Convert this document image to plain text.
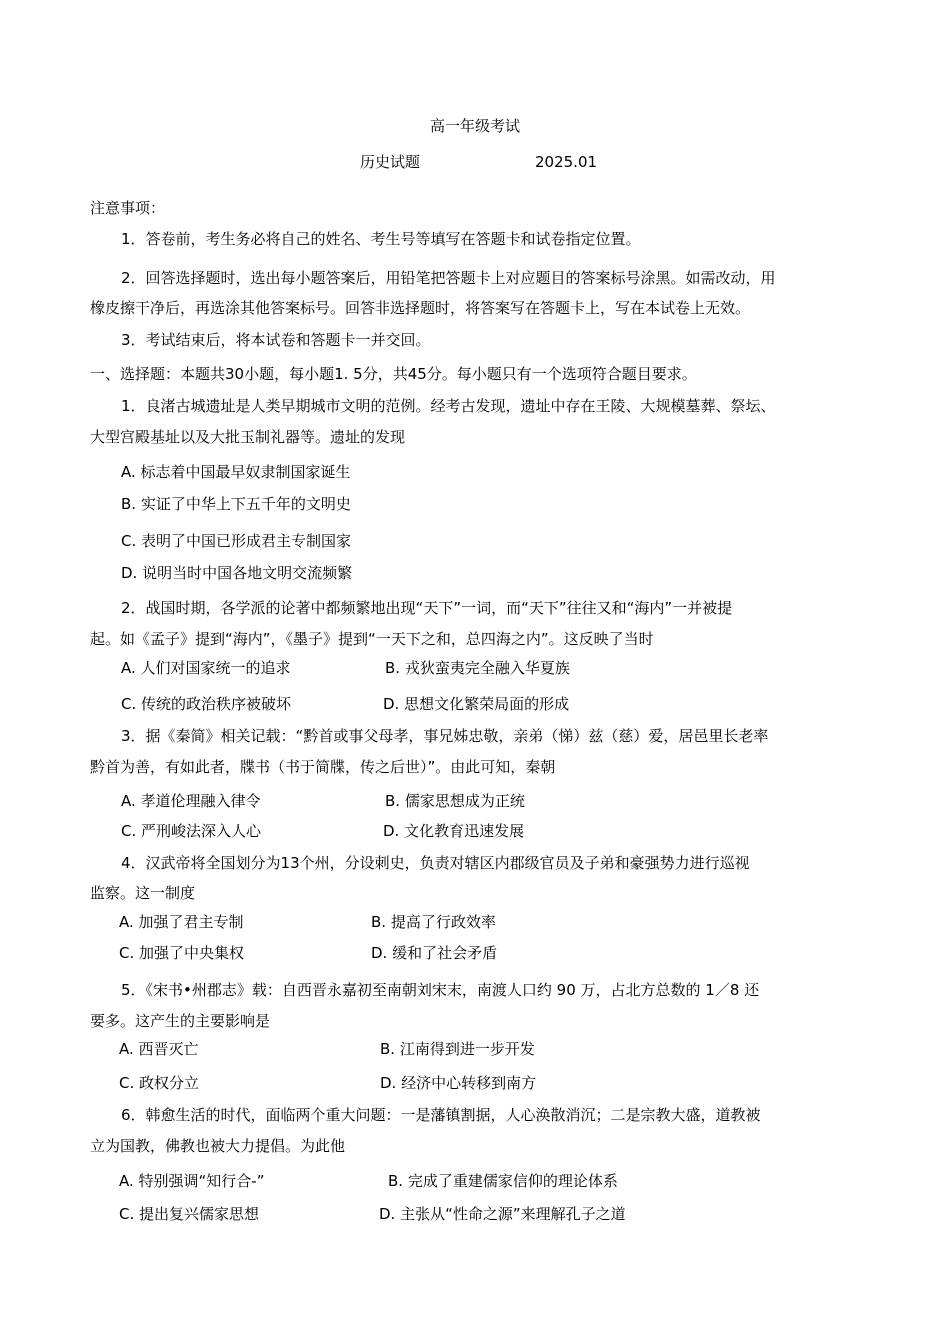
高一年级考试
历史试题	2025.01
注意事项：
1．答卷前，考生务必将自己的姓名、考生号等填写在答题卡和试卷指定位置。
2．回答选择题时，选出每小题答案后，用铅笔把答题卡上对应题目的答案标号涂黑。如需改动，用
橡皮擦干净后，再选涂其他答案标号。回答非选择题时，将答案写在答题卡上，写在本试卷上无效。
3．考试结束后，将本试卷和答题卡一并交回。
一、选择题：本题共30小题，每小题1. 5分，共45分。每小题只有一个选项符合题目要求。
1．良渚古城遗址是人类早期城市文明的范例。经考古发现，遗址中存在王陵、大规模墓葬、祭坛、
大型宫殿基址以及大批玉制礼器等。遗址的发现
A. 标志着中国最早奴隶制国家诞生
B. 实证了中华上下五千年的文明史
C. 表明了中国已形成君主专制国家
D. 说明当时中国各地文明交流频繁
2．战国时期，各学派的论著中都频繁地出现“天下”一词，而“天下”往往又和“海内”一并被提
起。如《孟子》提到“海内”，《墨子》提到“一天下之和，总四海之内”。这反映了当时
A. 人们对国家统一的追求	B. 戎狄蛮夷完全融入华夏族
C. 传统的政治秩序被破坏	D. 思想文化繁荣局面的形成
3．据《秦简》相关记载：“黔首或事父母孝，事兄姊忠敬，亲弟（悌）兹（慈）爱，居邑里长老率
黔首为善，有如此者，牒书（书于简牒，传之后世）”。由此可知，秦朝
A. 孝道伦理融入律令	B. 儒家思想成为正统
C. 严刑峻法深入人心	D. 文化教育迅速发展
4．汉武帝将全国划分为13个州，分设刺史，负责对辖区内郡级官员及子弟和豪强势力进行巡视
监察。这一制度
A. 加强了君主专制	B. 提高了行政效率
C. 加强了中央集权	D. 缓和了社会矛盾
5．《宋书•州郡志》载：自西晋永嘉初至南朝刘宋末，南渡人口约 90 万，占北方总数的 1／8 还
要多。这产生的主要影响是
A. 西晋灭亡	B. 江南得到进一步开发
C. 政权分立	D. 经济中心转移到南方
6．韩愈生活的时代，面临两个重大问题：一是藩镇割据，人心涣散消沉；二是宗教大盛，道教被
立为国教，佛教也被大力提倡。为此他
A. 特别强调“知行合-”	B. 完成了重建儒家信仰的理论体系
C. 提出复兴儒家思想	D. 主张从“性命之源”来理解孔子之道
